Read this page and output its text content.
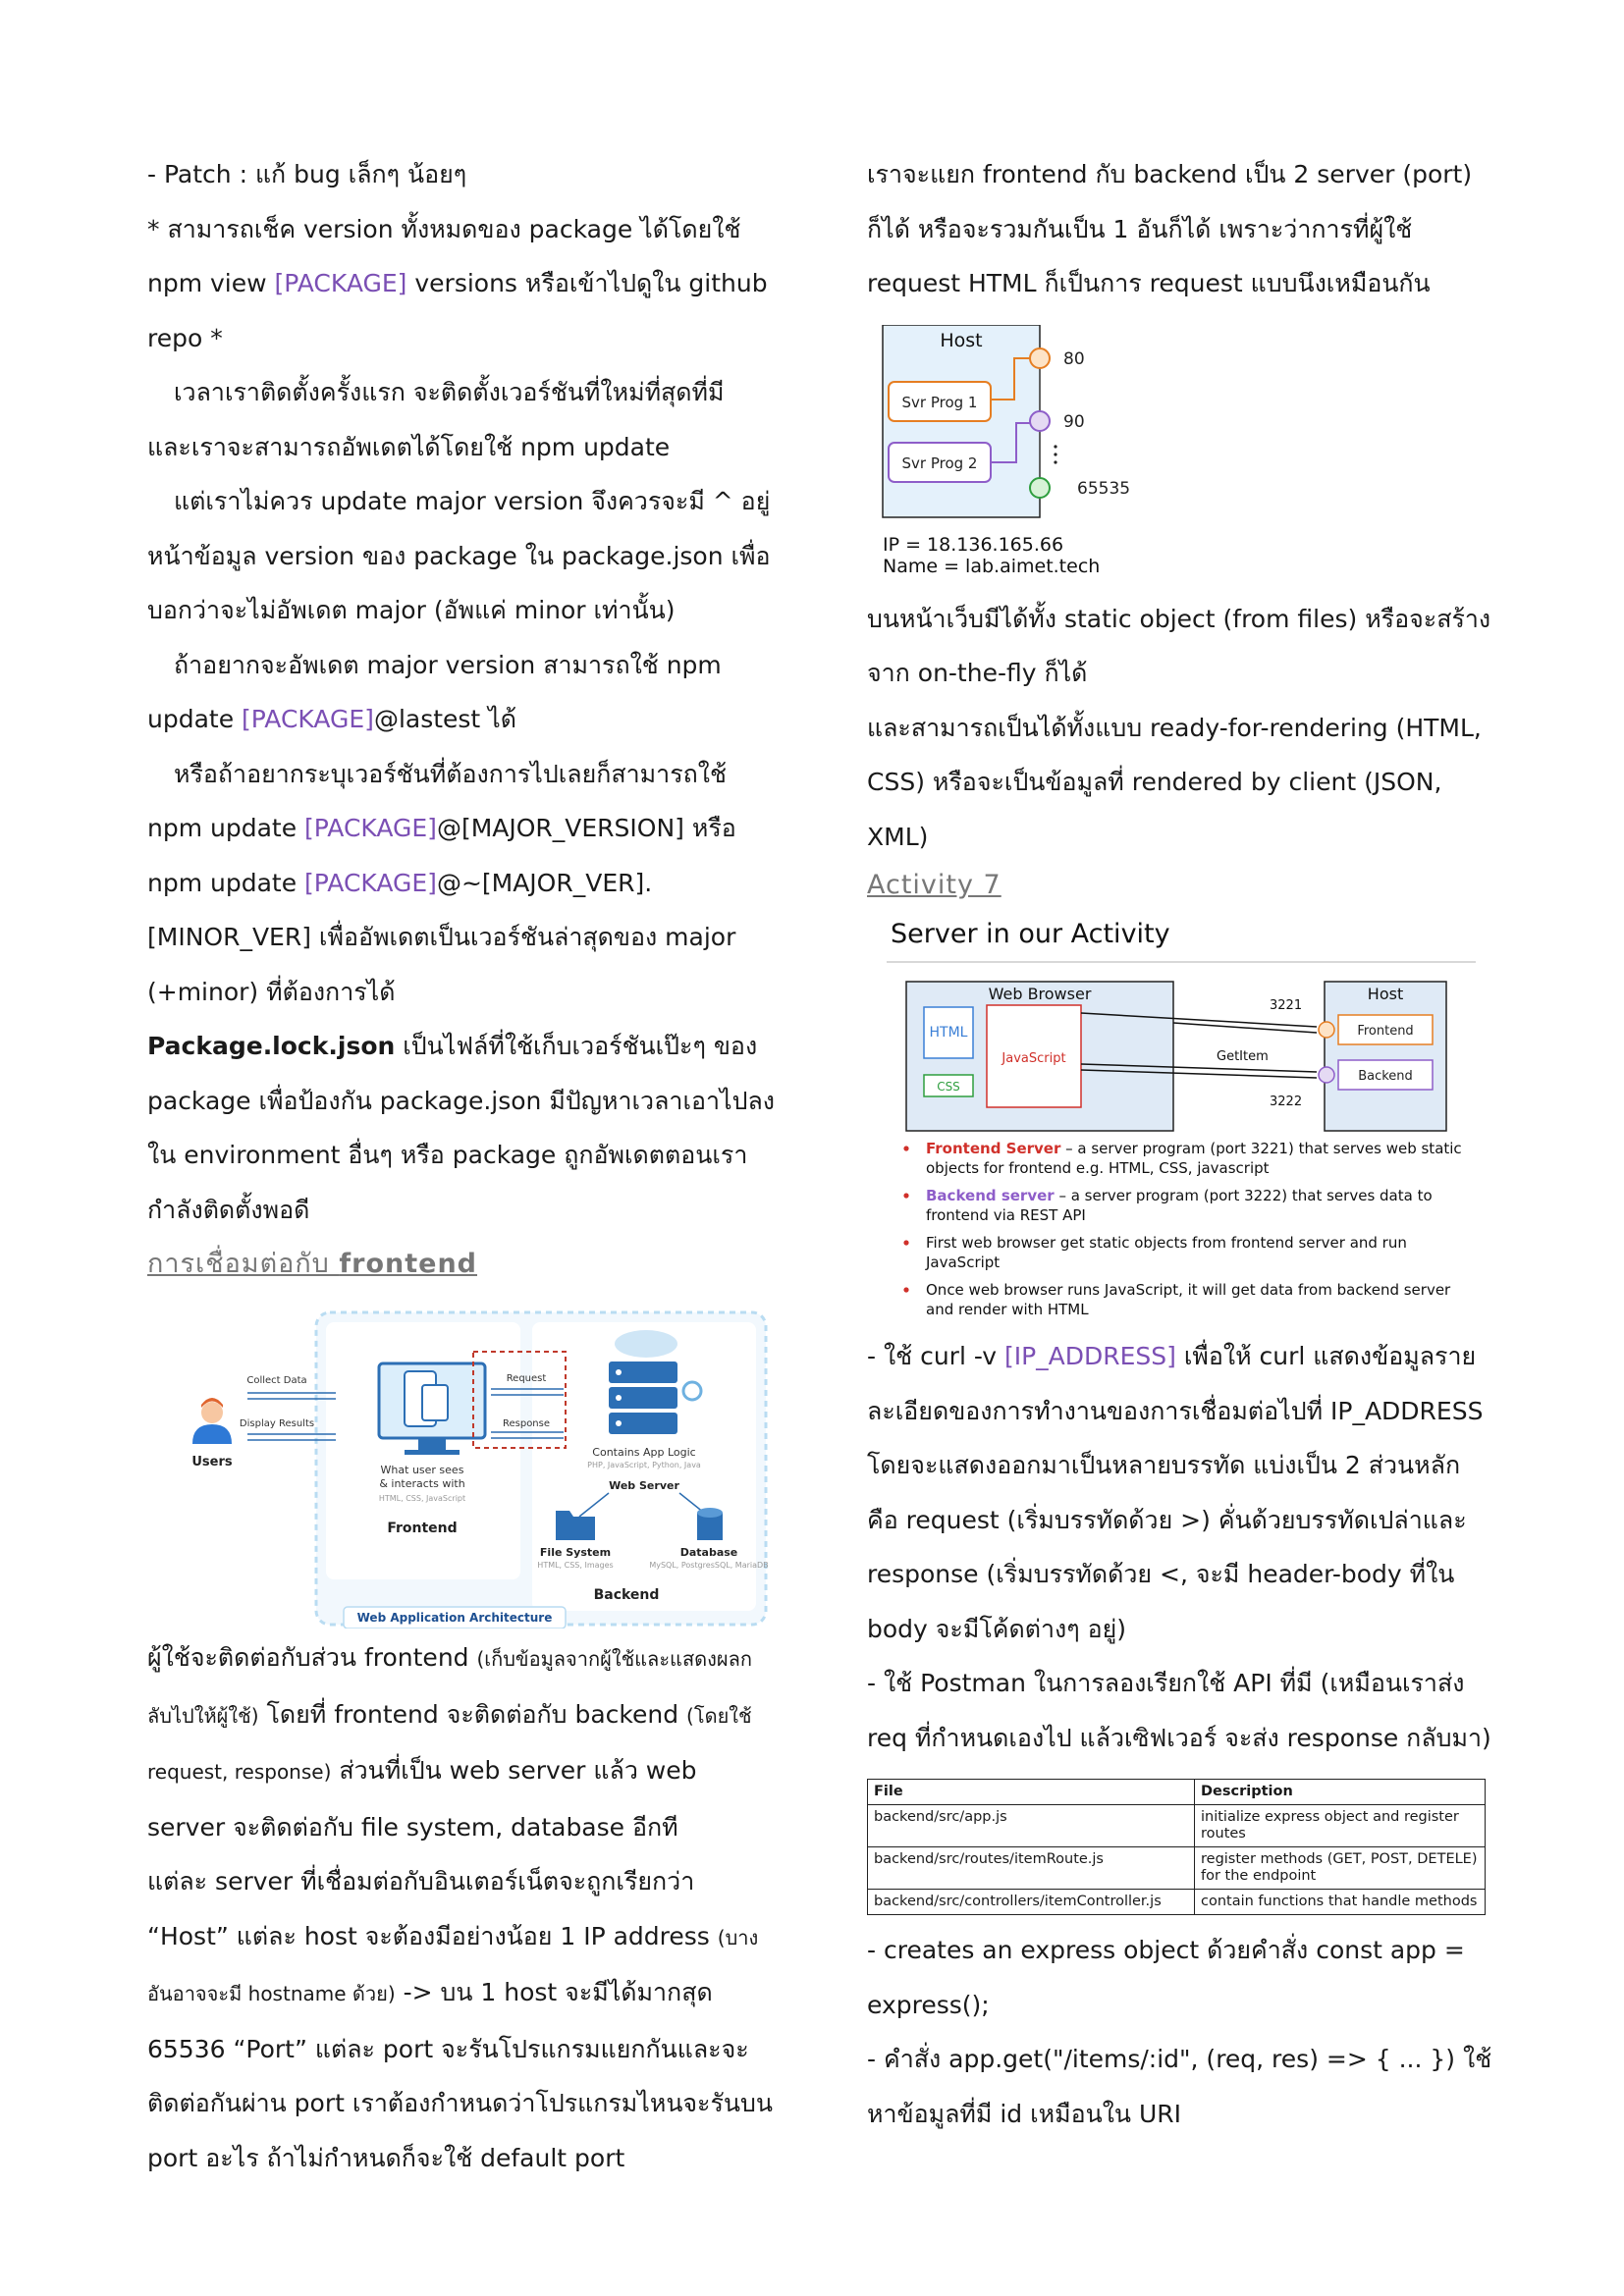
- Patch : แก้ bug เล็กๆ น้อยๆ

* สามารถเช็ค version ทั้งหมดของ package ได้โดยใช้ npm view [PACKAGE] versions หรือเข้าไปดูใน github repo *

เวลาเราติดตั้งครั้งแรก จะติดตั้งเวอร์ชันที่ใหม่ที่สุดที่มี และเราจะสามารถอัพเดตได้โดยใช้ npm update

แต่เราไม่ควร update major version จึงควรจะมี ^ อยู่หน้าข้อมูล version ของ package ใน package.json เพื่อบอกว่าจะไม่อัพเดต major (อัพแค่ minor เท่านั้น)

ถ้าอยากจะอัพเดต major version สามารถใช้ npm update [PACKAGE]@lastest ได้

หรือถ้าอยากระบุเวอร์ชันที่ต้องการไปเลยก็สามารถใช้ npm update [PACKAGE]@[MAJOR_VERSION] หรือ npm update [PACKAGE]@~[MAJOR_VER].[MINOR_VER] เพื่ออัพเดตเป็นเวอร์ชันล่าสุดของ major (+minor) ที่ต้องการได้

Package.lock.json เป็นไฟล์ที่ใช้เก็บเวอร์ชันเป๊ะๆ ของ package เพื่อป้องกัน package.json มีปัญหาเวลาเอาไปลงใน environment อื่นๆ หรือ package ถูกอัพเดตตอนเรากำลังติดตั้งพอดี

การเชื่อมต่อกับ frontend

Users
Collect Data
Display Results
What user sees
& interacts with
HTML, CSS, JavaScript
Frontend
Request
Response
Contains App Logic
PHP, JavaScript, Python, Java
Web Server
File System
HTML, CSS, Images
Database
MySQL, PostgresSQL, MariaDB
Backend
Web Application Architecture

ผู้ใช้จะติดต่อกับส่วน frontend (เก็บข้อมูลจากผู้ใช้และแสดงผลกลับไปให้ผู้ใช้) โดยที่ frontend จะติดต่อกับ backend (โดยใช้ request, response) ส่วนที่เป็น web server แล้ว web server จะติดต่อกับ file system, database อีกที

แต่ละ server ที่เชื่อมต่อกับอินเตอร์เน็ตจะถูกเรียกว่า “Host” แต่ละ host จะต้องมีอย่างน้อย 1 IP address (บางอันอาจจะมี hostname ด้วย) -> บน 1 host จะมีได้มากสุด 65536 “Port” แต่ละ port จะรันโปรแกรมแยกกันและจะติดต่อกันผ่าน port เราต้องกำหนดว่าโปรแกรมไหนจะรันบน port อะไร ถ้าไม่กำหนดก็จะใช้ default port

เราจะแยก frontend กับ backend เป็น 2 server (port) ก็ได้ หรือจะรวมกันเป็น 1 อันก็ได้ เพราะว่าการที่ผู้ใช้ request HTML ก็เป็นการ request แบบนึงเหมือนกัน

Host
Svr Prog 1
Svr Prog 2
80
90
65535
IP = 18.136.165.66
Name = lab.aimet.tech

บนหน้าเว็บมีได้ทั้ง static object (from files) หรือจะสร้างจาก on-the-fly ก็ได้

และสามารถเป็นได้ทั้งแบบ ready-for-rendering (HTML, CSS) หรือจะเป็นข้อมูลที่ rendered by client (JSON, XML)

Activity 7

Server in our Activity
Web Browser
HTML
CSS
JavaScript
Host
Frontend
Backend
3221
GetItem
3222
Frontend Server – a server program (port 3221) that serves web static
objects for frontend e.g. HTML, CSS, javascript
Backend server – a server program (port 3222) that serves data to
frontend via REST API
First web browser get static objects from frontend server and run
JavaScript
Once web browser runs JavaScript, it will get data from backend server
and render with HTML

- ใช้ curl -v [IP_ADDRESS] เพื่อให้ curl แสดงข้อมูลรายละเอียดของการทำงานของการเชื่อมต่อไปที่ IP_ADDRESS โดยจะแสดงออกมาเป็นหลายบรรทัด แบ่งเป็น 2 ส่วนหลัก คือ request (เริ่มบรรทัดด้วย >) คั่นด้วยบรรทัดเปล่าและ response (เริ่มบรรทัดด้วย <, จะมี header-body ที่ใน body จะมีโค้ดต่างๆ อยู่)

- ใช้ Postman ในการลองเรียกใช้ API ที่มี (เหมือนเราส่ง req ที่กำหนดเองไป แล้วเซิฟเวอร์ จะส่ง response กลับมา)

File	Description
backend/src/app.js	initialize express object and register routes
backend/src/routes/itemRoute.js	register methods (GET, POST, DETELE) for the endpoint
backend/src/controllers/itemController.js	contain functions that handle methods

- creates an express object ด้วยคำสั่ง const app = express();

- คำสั่ง app.get("/items/:id", (req, res) => { ... }) ใช้หาข้อมูลที่มี id เหมือนใน URI
